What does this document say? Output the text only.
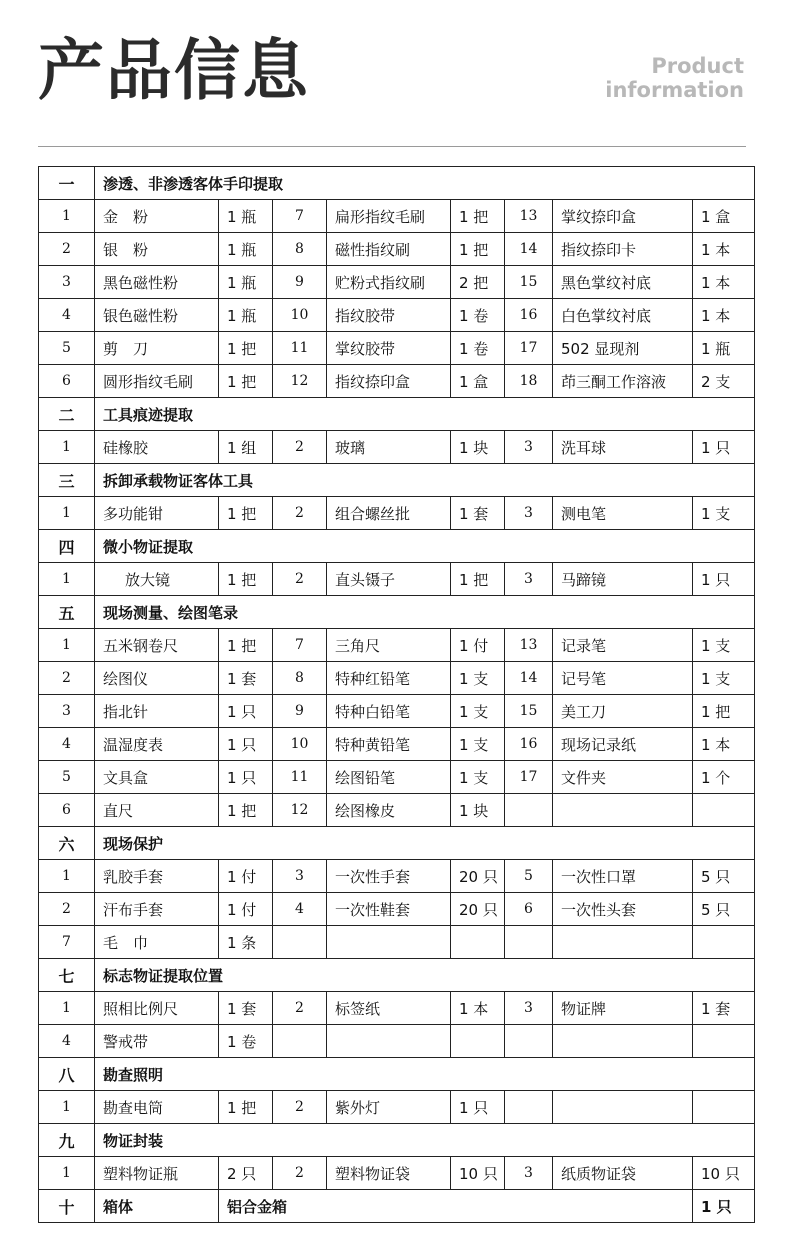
产品信息	Product
information
一	渗透、非渗透客体手印提取							
1	金　粉	1 瓶	7	扁形指纹毛刷	1 把	13	掌纹捺印盒	1 盒
2	银　粉	1 瓶	8	磁性指纹刷	1 把	14	指纹捺印卡	1 本
3	黑色磁性粉	1 瓶	9	贮粉式指纹刷	2 把	15	黑色掌纹衬底	1 本
4	银色磁性粉	1 瓶	10	指纹胶带	1 卷	16	白色掌纹衬底	1 本
5	剪　刀	1 把	11	掌纹胶带	1 卷	17	502 显现剂	1 瓶
6	圆形指纹毛刷	1 把	12	指纹捺印盒	1 盒	18	茚三酮工作溶液	2 支
二	工具痕迹提取							
1	硅橡胶	1 组	2	玻璃	1 块	3	洗耳球	1 只
三	拆卸承载物证客体工具							
1	多功能钳	1 把	2	组合螺丝批	1 套	3	测电笔	1 支
四	微小物证提取							
1	放大镜	1 把	2	直头镊子	1 把	3	马蹄镜	1 只
五	现场测量、绘图笔录							
1	五米钢卷尺	1 把	7	三角尺	1 付	13	记录笔	1 支
2	绘图仪	1 套	8	特种红铅笔	1 支	14	记号笔	1 支
3	指北针	1 只	9	特种白铅笔	1 支	15	美工刀	1 把
4	温湿度表	1 只	10	特种黄铅笔	1 支	16	现场记录纸	1 本
5	文具盒	1 只	11	绘图铅笔	1 支	17	文件夹	1 个
6	直尺	1 把	12	绘图橡皮	1 块			
六	现场保护							
1	乳胶手套	1 付	3	一次性手套	20 只	5	一次性口罩	5 只
2	汗布手套	1 付	4	一次性鞋套	20 只	6	一次性头套	5 只
7	毛　巾	1 条						
七	标志物证提取位置							
1	照相比例尺	1 套	2	标签纸	1 本	3	物证牌	1 套
4	警戒带	1 卷						
八	勘查照明							
1	勘查电筒	1 把	2	紫外灯	1 只			
九	物证封装							
1	塑料物证瓶	2 只	2	塑料物证袋	10 只	3	纸质物证袋	10 只
十	箱体	铝合金箱						1 只
